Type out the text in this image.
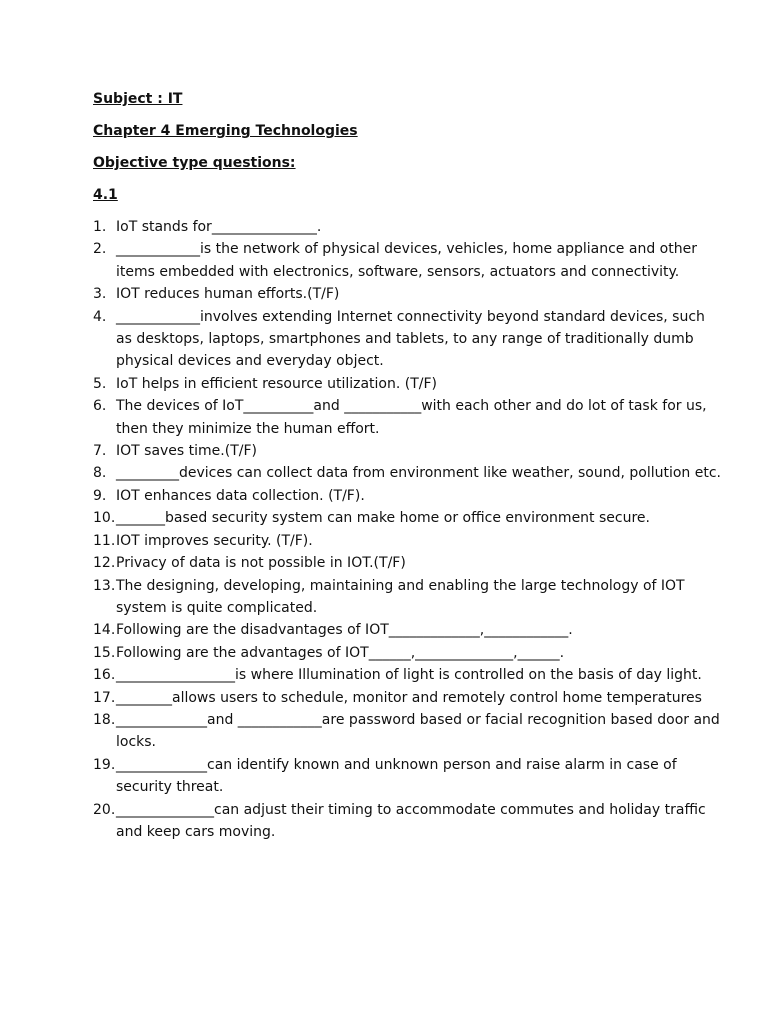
Subject : IT
Chapter 4 Emerging Technologies
Objective type questions:
4.1
1. IoT stands for_______________.
2. ____________is the network of physical devices, vehicles, home appliance and other items embedded with electronics, software, sensors, actuators and connectivity.
3. IOT reduces human efforts.(T/F)
4. ____________involves extending Internet connectivity beyond standard devices, such as desktops, laptops, smartphones and tablets, to any range of traditionally dumb physical devices and everyday object.
5. IoT helps in efficient resource utilization. (T/F)
6. The devices of IoT__________and ___________with each other and do lot of task for us, then they minimize the human effort.
7. IOT saves time.(T/F)
8. _________devices can collect data from environment like weather, sound, pollution etc.
9. IOT enhances data collection. (T/F).
10. _______based security system can make home or office environment secure.
11. IOT improves security. (T/F).
12. Privacy of data is not possible in IOT.(T/F)
13. The designing, developing, maintaining and enabling the large technology of IOT system is quite complicated.
14. Following are the disadvantages of IOT_____________,____________.
15. Following are the advantages of IOT______,______________,______.
16. _________________is where Illumination of light is controlled on the basis of day light.
17. ________allows users to schedule, monitor and remotely control home temperatures
18. _____________and ____________are password based or facial recognition based door and locks.
19. _____________can identify known and unknown person and raise alarm in case of security threat.
20. ______________can adjust their timing to accommodate commutes and holiday traffic and keep cars moving.
